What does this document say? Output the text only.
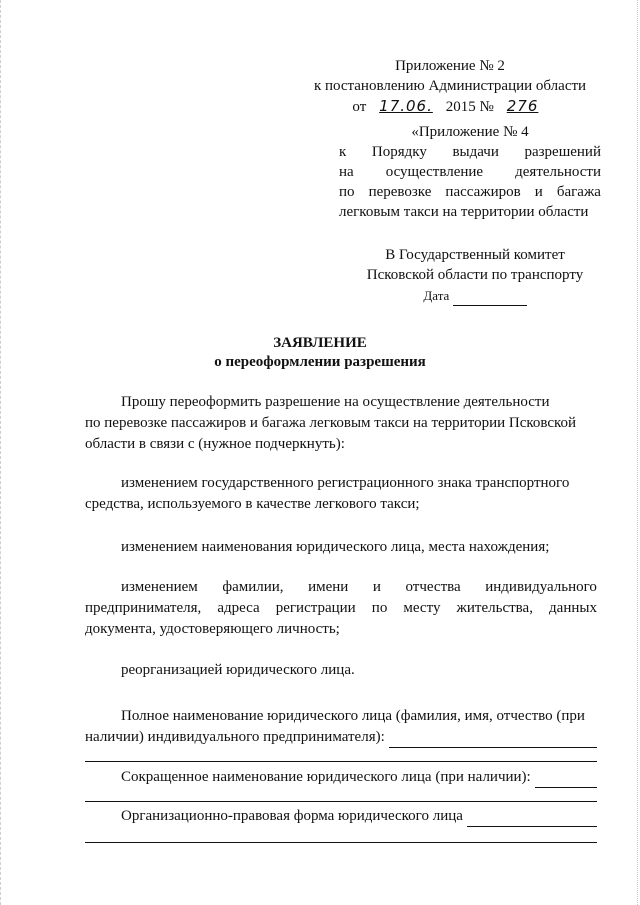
Приложение № 2
к постановлению Администрации области
от 17.06. 2015 № 276
«Приложение № 4
к Порядку выдачи разрешений
на осуществление деятельности
по перевозке пассажиров и багажа
легковым такси на территории области
В Государственный комитет
Псковской области по транспорту
Дата
ЗАЯВЛЕНИЕ
о переоформлении разрешения
Прошу переоформить разрешение на осуществление деятельности
по перевозке пассажиров и багажа легковым такси на территории Псковской
области в связи с (нужное подчеркнуть):
изменением государственного регистрационного знака транспортного
средства, используемого в качестве легкового такси;
изменением наименования юридического лица, места нахождения;
изменением фамилии, имени и отчества индивидуального
предпринимателя, адреса регистрации по месту жительства, данных
документа, удостоверяющего личность;
реорганизацией юридического лица.
Полное наименование юридического лица (фамилия, имя, отчество (при
наличии) индивидуального предпринимателя):
Сокращенное наименование юридического лица (при наличии):
Организационно-правовая форма юридического лица
